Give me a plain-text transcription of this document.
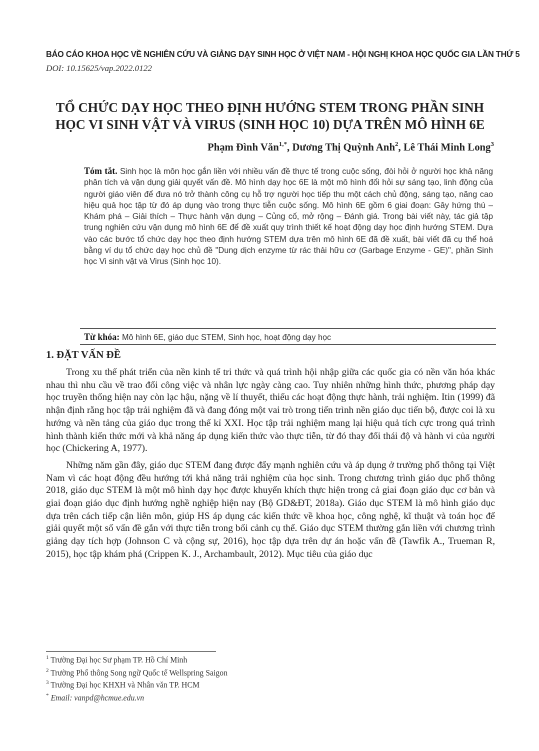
BÁO CÁO KHOA HỌC VỀ NGHIÊN CỨU VÀ GIẢNG DẠY SINH HỌC Ở VIỆT NAM - HỘI NGHỊ KHOA HỌC QUỐC GIA LẦN THỨ 5
DOI: 10.15625/vap.2022.0122
TỔ CHỨC DẠY HỌC THEO ĐỊNH HƯỚNG STEM TRONG PHẦN SINH
HỌC VI SINH VẬT VÀ VIRUS (SINH HỌC 10) DỰA TRÊN MÔ HÌNH 6E
Phạm Đình Văn$^{1,*}$, Dương Thị Quỳnh Anh$^2$, Lê Thái Minh Long$^3$
Tóm tắt. Sinh học là môn học gắn liền với nhiều vấn đề thực tế trong cuộc sống, đòi hỏi ở người học khả năng phân tích và vận dụng giải quyết vấn đề. Mô hình dạy học 6E là một mô hình đổi hỏi sự sáng tạo, linh động của người giáo viên để đưa nó trở thành công cụ hỗ trợ người học tiếp thu một cách chủ động, sáng tạo, năng cao hiệu quả học tập từ đó áp dụng vào trong thực tiễn cuộc sống. Mô hình 6E gồm 6 giai đoạn: Gây hứng thú – Khám phá – Giải thích – Thực hành vận dụng – Củng cố, mở rộng – Đánh giá. Trong bài viết này, tác giả tập trung nghiên cứu vận dụng mô hình 6E để đề xuất quy trình thiết kế hoạt động dạy học định hướng STEM. Dựa vào các bước tổ chức dạy học theo định hướng STEM dựa trên mô hình 6E đã đề xuất, bài viết đã cụ thể hoá bằng ví dụ tổ chức dạy học chủ đề "Dung dịch enzyme từ rác thải hữu cơ (Garbage Enzyme - GE)", phần Sinh học Vi sinh vật và Virus (Sinh học 10).
Từ khóa: Mô hình 6E, giáo dục STEM, Sinh học, hoạt động dạy học
1. ĐẶT VẤN ĐỀ

Trong xu thế phát triển của nền kinh tế tri thức và quá trình hội nhập giữa các quốc gia có nền văn hóa khác nhau thì nhu cầu về trao đổi công việc và nhân lực ngày càng cao. Tuy nhiên những hình thức, phương pháp dạy học truyền thống hiện nay còn lạc hậu, nặng về lí thuyết, thiếu các hoạt động thực hành, trải nghiệm. Itin (1999) đã nhận định rằng học tập trải nghiệm đã và đang đóng một vai trò trong tiến trình nền giáo dục tiến bộ, được coi là xu hướng và nền tảng của giáo dục trong thế kỉ XXI. Học tập trải nghiệm mang lại hiệu quả tích cực trong quá trình hình thành kiến thức mới và khả năng áp dụng kiến thức vào thực tiễn, từ đó thay đổi thái độ và hành vi của người học (Chickering A, 1977).

Những năm gần đây, giáo dục STEM đang được đẩy mạnh nghiên cứu và áp dụng ở trường phổ thông tại Việt Nam vì các hoạt động đều hướng tới khả năng trải nghiệm của học sinh. Trong chương trình giáo dục phổ thông 2018, giáo dục STEM là một mô hình dạy học được khuyến khích thực hiện trong cả giai đoạn giáo dục cơ bản và giai đoạn giáo dục định hướng nghề nghiệp hiện nay (Bộ GD&ĐT, 2018a). Giáo dục STEM là mô hình giáo dục dựa trên cách tiếp cận liên môn, giúp HS áp dụng các kiến thức về khoa học, công nghệ, kĩ thuật và toán học để giải quyết một số vấn đề gắn với thực tiễn trong bối cảnh cụ thể. Giáo dục STEM thường gắn liền với chương trình giảng dạy tích hợp (Johnson C và cộng sự, 2016), học tập dựa trên dự án hoặc vấn đề (Tawfik A., Trueman R, 2015), học tập khám phá (Crippen K. J., Archambault, 2012). Mục tiêu của giáo dục

$^1$ Trường Đại học Sư phạm TP. Hồ Chí Minh
$^2$ Trường Phổ thông Song ngữ Quốc tế Wellspring Saigon
$^3$ Trường Đại học KHXH và Nhân văn TP. HCM
* Email: vanpd@hcmue.edu.vn
